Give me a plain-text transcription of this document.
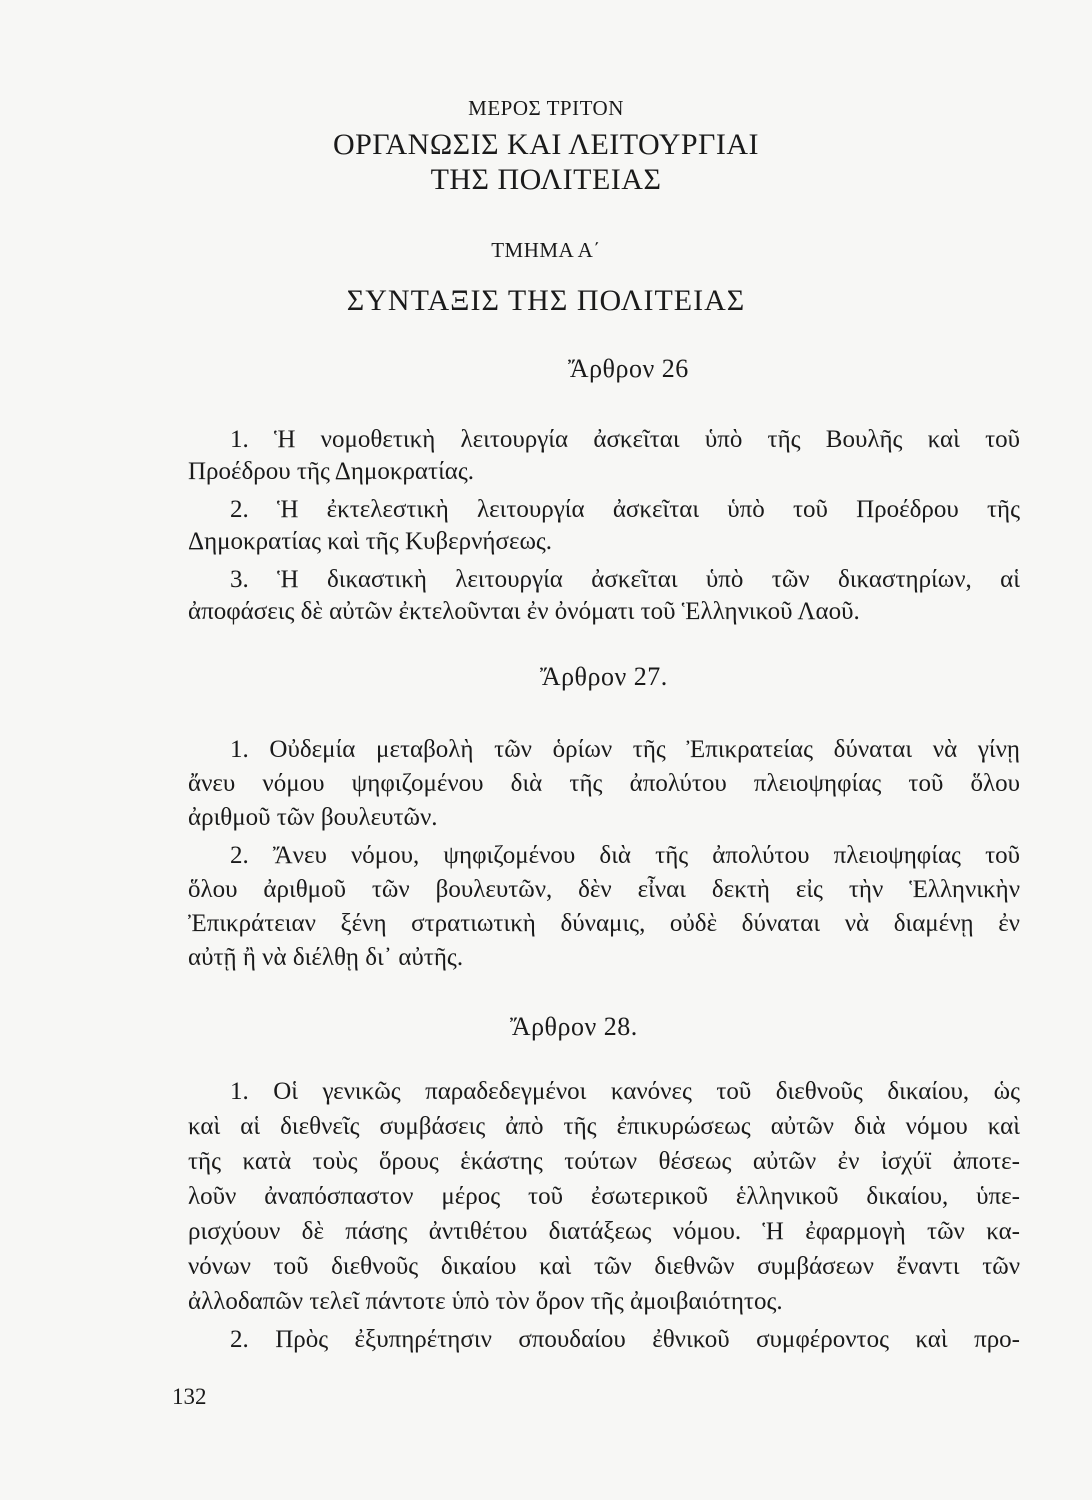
ΜΕΡΟΣ ΤΡΙΤΟΝ
ΟΡΓΑΝΩΣΙΣ ΚΑΙ ΛΕΙΤΟΥΡΓΙΑΙ
ΤΗΣ ΠΟΛΙΤΕΙΑΣ
ΤΜΗΜΑ Α΄
ΣΥΝΤΑΞΙΣ ΤΗΣ ΠΟΛΙΤΕΙΑΣ
Ἄρθρον 26
1. Ἡ νομοθετικὴ λειτουργία ἀσκεῖται ὑπὸ τῆς Βουλῆς καὶ τοῦ
Προέδρου τῆς Δημοκρατίας.
2. Ἡ ἐκτελεστικὴ λειτουργία ἀσκεῖται ὑπὸ τοῦ Προέδρου τῆς
Δημοκρατίας καὶ τῆς Κυβερνήσεως.
3. Ἡ δικαστικὴ λειτουργία ἀσκεῖται ὑπὸ τῶν δικαστηρίων, αἱ
ἀποφάσεις δὲ αὐτῶν ἐκτελοῦνται ἐν ὀνόματι τοῦ Ἑλληνικοῦ Λαοῦ.
Ἄρθρον 27.
1. Οὐδεμία μεταβολὴ τῶν ὁρίων τῆς Ἐπικρατείας δύναται νὰ γίνῃ
ἄνευ νόμου ψηφιζομένου διὰ τῆς ἀπολύτου πλειοψηφίας τοῦ ὅλου
ἀριθμοῦ τῶν βουλευτῶν.
2. Ἄνευ νόμου, ψηφιζομένου διὰ τῆς ἀπολύτου πλειοψηφίας τοῦ
ὅλου ἀριθμοῦ τῶν βουλευτῶν, δὲν εἶναι δεκτὴ εἰς τὴν Ἑλληνικὴν
Ἐπικράτειαν ξένη στρατιωτικὴ δύναμις, οὐδὲ δύναται νὰ διαμένῃ ἐν
αὐτῇ ἢ νὰ διέλθῃ δι᾽ αὐτῆς.
Ἄρθρον 28.
1. Οἱ γενικῶς παραδεδεγμένοι κανόνες τοῦ διεθνοῦς δικαίου, ὡς
καὶ αἱ διεθνεῖς συμβάσεις ἀπὸ τῆς ἐπικυρώσεως αὐτῶν διὰ νόμου καὶ
τῆς κατὰ τοὺς ὅρους ἑκάστης τούτων θέσεως αὐτῶν ἐν ἰσχύϊ ἀποτε-
λοῦν ἀναπόσπαστον μέρος τοῦ ἐσωτερικοῦ ἑλληνικοῦ δικαίου, ὑπε-
ρισχύουν δὲ πάσης ἀντιθέτου διατάξεως νόμου. Ἡ ἐφαρμογὴ τῶν κα-
νόνων τοῦ διεθνοῦς δικαίου καὶ τῶν διεθνῶν συμβάσεων ἔναντι τῶν
ἀλλοδαπῶν τελεῖ πάντοτε ὑπὸ τὸν ὅρον τῆς ἀμοιβαιότητος.
2. Πρὸς ἐξυπηρέτησιν σπουδαίου ἐθνικοῦ συμφέροντος καὶ προ-
132
